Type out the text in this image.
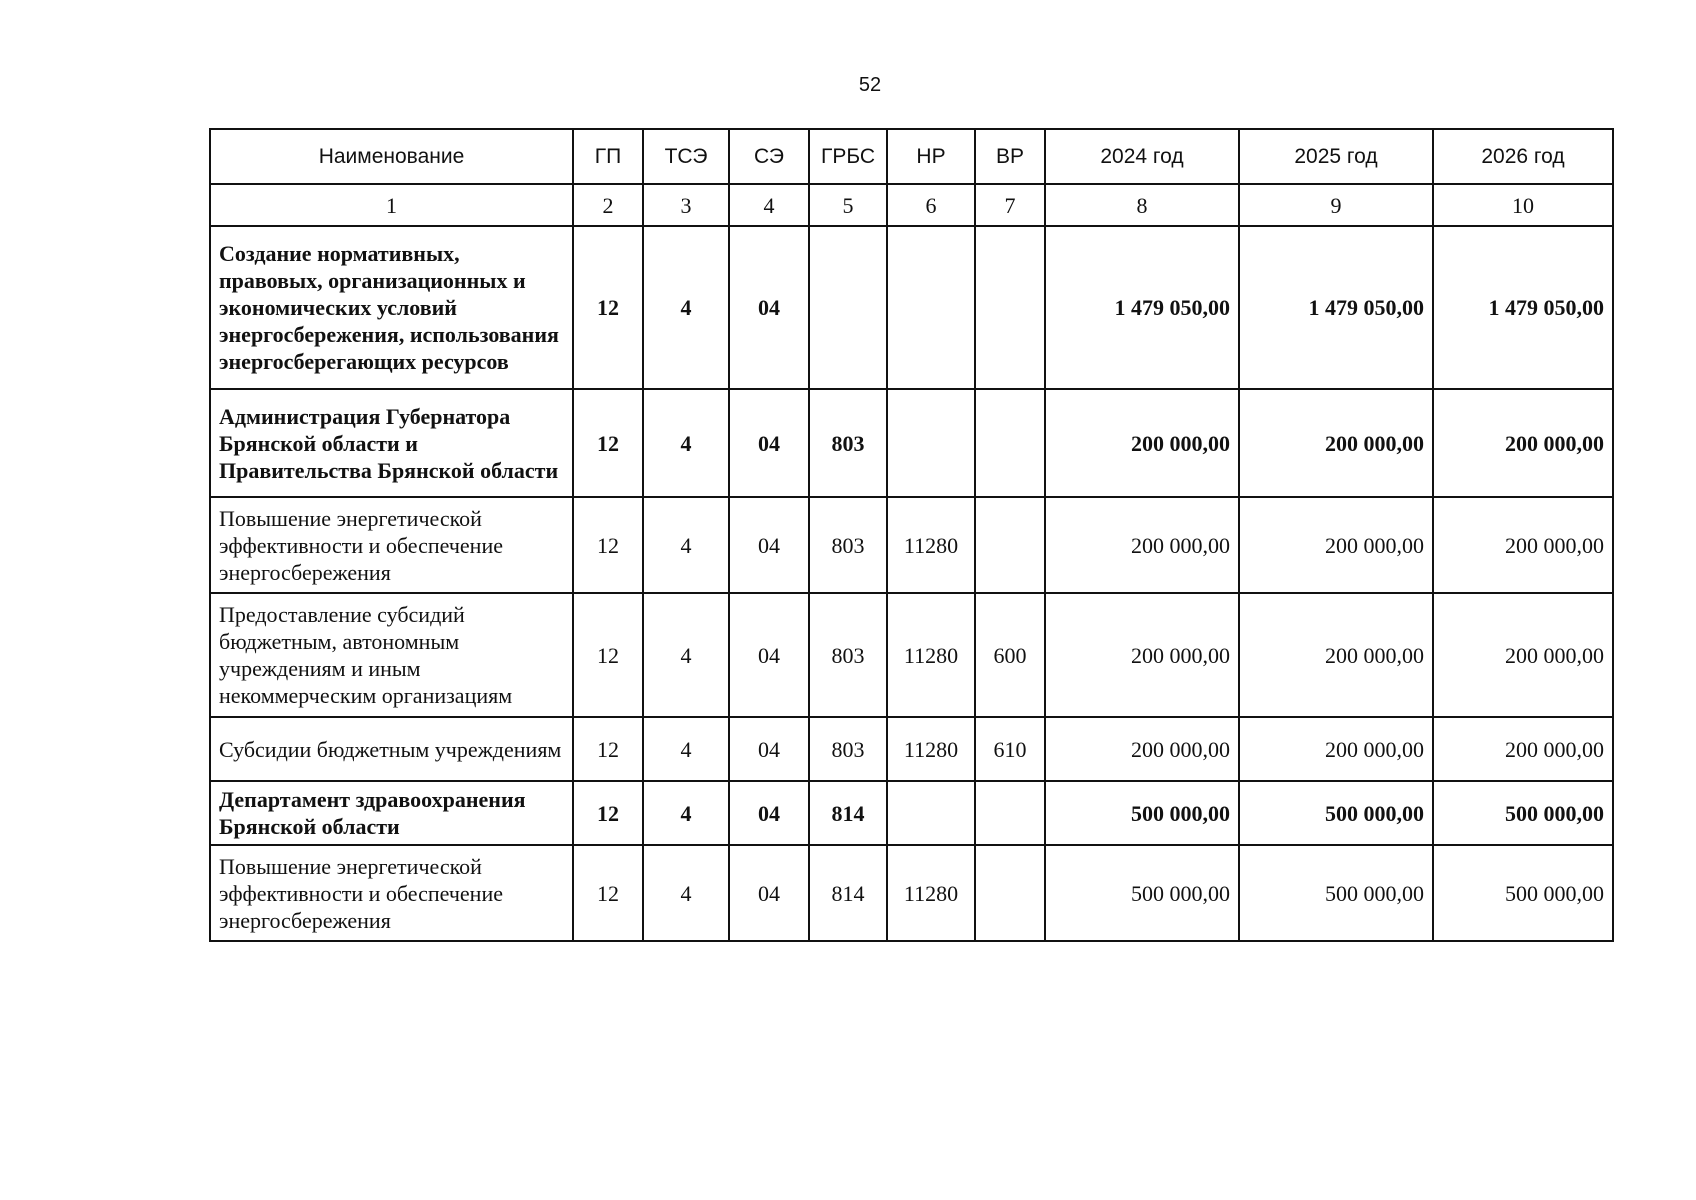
52
Наименование	ГП	ТСЭ	СЭ	ГРБС	НР	ВР	2024 год	2025 год	2026 год
1	2	3	4	5	6	7	8	9	10
Создание нормативных, правовых, организационных и экономических условий энергосбережения, использования энергосберегающих ресурсов	12	4	04				1 479 050,00	1 479 050,00	1 479 050,00
Администрация Губернатора Брянской области и Правительства Брянской области	12	4	04	803			200 000,00	200 000,00	200 000,00
Повышение энергетической эффективности и обеспечение энергосбережения	12	4	04	803	11280		200 000,00	200 000,00	200 000,00
Предоставление субсидий бюджетным, автономным учреждениям и иным некоммерческим организациям	12	4	04	803	11280	600	200 000,00	200 000,00	200 000,00
Субсидии бюджетным учреждениям	12	4	04	803	11280	610	200 000,00	200 000,00	200 000,00
Департамент здравоохранения Брянской области	12	4	04	814			500 000,00	500 000,00	500 000,00
Повышение энергетической эффективности и обеспечение энергосбережения	12	4	04	814	11280		500 000,00	500 000,00	500 000,00
